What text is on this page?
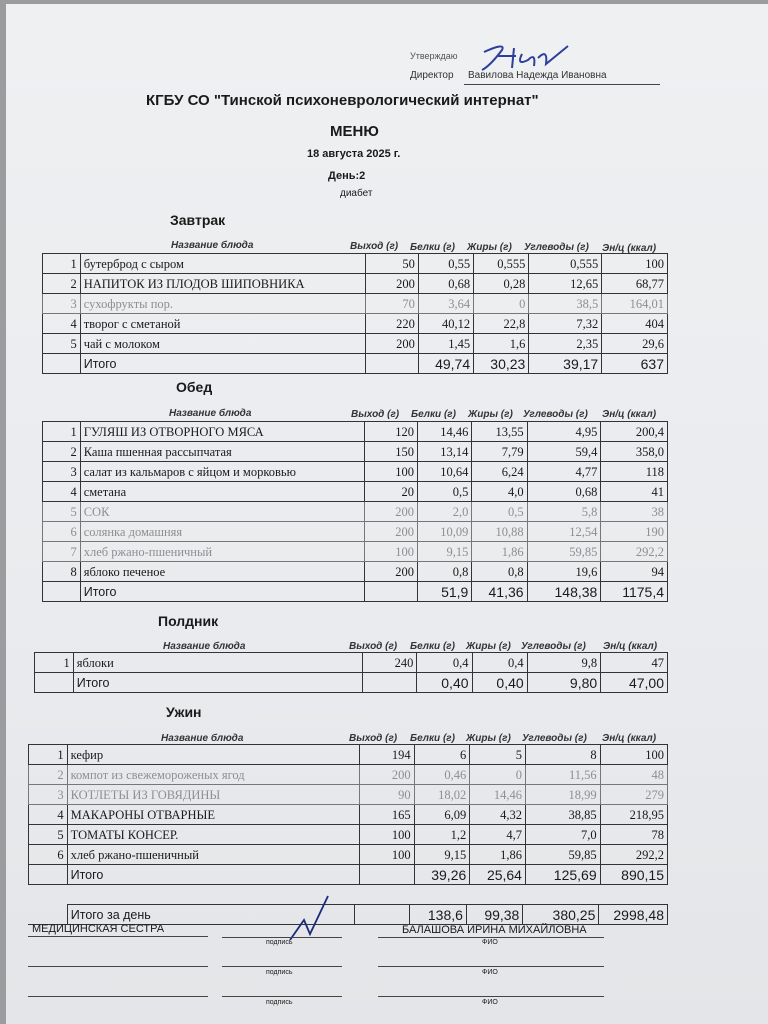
Утверждаю
Директор Вавилова Надежда Ивановна
КГБУ СО "Тинской психоневрологический интернат"
МЕНЮ
18 августа 2025 г.
День:2
диабет
Завтрак
Название блюда	Выход (г) Белки (г) Жиры (г) Углеводы (г) Эн/ц (ккал)
1	бутерброд с сыром	50	0,55	0,555	0,555	100
2	НАПИТОК ИЗ ПЛОДОВ ШИПОВНИКА	200	0,68	0,28	12,65	68,77
3	сухофрукты пор.	70	3,64	0	38,5	164,01
4	творог с сметаной	220	40,12	22,8	7,32	404
5	чай с молоком	200	1,45	1,6	2,35	29,6
	Итого		49,74	30,23	39,17	637
Обед
Название блюда	Выход (г) Белки (г) Жиры (г) Углеводы (г) Эн/ц (ккал)
1	ГУЛЯШ ИЗ ОТВОРНОГО МЯСА	120	14,46	13,55	4,95	200,4
2	Каша пшенная рассыпчатая	150	13,14	7,79	59,4	358,0
3	салат из кальмаров с яйцом и морковью	100	10,64	6,24	4,77	118
4	сметана	20	0,5	4,0	0,68	41
5	СОК	200	2,0	0,5	5,8	38
6	солянка домашняя	200	10,09	10,88	12,54	190
7	хлеб ржано-пшеничный	100	9,15	1,86	59,85	292,2
8	яблоко печеное	200	0,8	0,8	19,6	94
	Итого		51,9	41,36	148,38	1175,4
Полдник
Название блюда	Выход (г) Белки (г) Жиры (г) Углеводы (г) Эн/ц (ккал)
1	яблоки	240	0,4	0,4	9,8	47
	Итого		0,40	0,40	9,80	47,00
Ужин
Название блюда	Выход (г) Белки (г) Жиры (г) Углеводы (г) Эн/ц (ккал)
1	кефир	194	6	5	8	100
2	компот из свежемороженых ягод	200	0,46	0	11,56	48
3	КОТЛЕТЫ ИЗ ГОВЯДИНЫ	90	18,02	14,46	18,99	279
4	МАКАРОНЫ ОТВАРНЫЕ	165	6,09	4,32	38,85	218,95
5	ТОМАТЫ КОНСЕР.	100	1,2	4,7	7,0	78
6	хлеб ржано-пшеничный	100	9,15	1,86	59,85	292,2
	Итого		39,26	25,64	125,69	890,15
	Итого за день		138,6	99,38	380,25	2998,48
МЕДИЦИНСКАЯ СЕСТРА	БАЛАШОВА ИРИНА МИХАЙЛОВНА
подпись	ФИО
подпись	ФИО
подпись	ФИО
